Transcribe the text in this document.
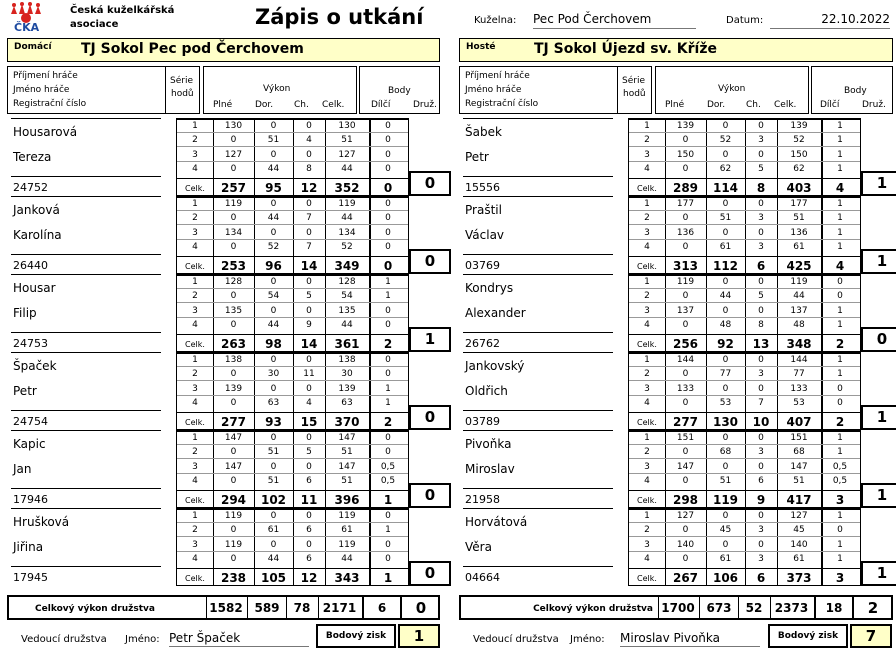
ČKA
Česká kuželkářská
asociace	Zápis o utkání	Kuželna: Pec Pod Čerchovem	Datum:	22.10.2022
Domácí TJ Sokol Pec pod Čerchovem	Hosté	TJ Sokol Újezd sv. Kříže
Příjmení hráče
Jméno hráče
Registrační číslo
Série
hodů	Výkon
Plné	Dor. Ch. Celk.
Body
Dílčí	Druž.
Příjmení hráče
Jméno hráče
Registrační číslo
Série
hodů	Výkon
Plné	Dor. Ch. Celk.
Body
Dílčí	Druž.
Housarová
Tereza
24752
1	130	0	0	130	0
2	0	51	4	51	0
3	127	0	0	127	0
4	0	44	8	44	0
Celk.	257	95	12	352	0	0
Janková
Karolína
26440
1	119	0	0	119	0
2	0	44	7	44	0
3	134	0	0	134	0
4	0	52	7	52	0
Celk.	253	96	14	349	0	0
Housar
Filip
24753
1	128	0	0	128	1
2	0	54	5	54	1
3	135	0	0	135	0
4	0	44	9	44	0
Celk.	263	98	14	361	2	1
Špaček
Petr
24754
1	138	0	0	138	0
2	0	30	11	30	0
3	139	0	0	139	1
4	0	63	4	63	1
Celk.	277	93	15	370	2	0
Kapic
Jan
17946
1	147	0	0	147	0
2	0	51	5	51	0
3	147	0	0	147	0,5
4	0	51	6	51	0,5
Celk.	294	102	11	396	1	0
Hrušková
Jiřina
17945
1	119	0	0	119	0
2	0	61	6	61	1
3	119	0	0	119	0
4	0	44	6	44	0
Celk.	238	105	12	343	1	0
Šabek
Petr
15556
1	139	0	0	139	1
2	0	52	3	52	1
3	150	0	0	150	1
4	0	62	5	62	1
Celk.	289	114	8	403	4	1
Praštil
Václav
03769
1	177	0	0	177	1
2	0	51	3	51	1
3	136	0	0	136	1
4	0	61	3	61	1
Celk.	313	112	6	425	4	1
Kondrys
Alexander
26762
1	119	0	0	119	0
2	0	44	5	44	0
3	137	0	0	137	1
4	0	48	8	48	1
Celk.	256	92	13	348	2	0
Jankovský
Oldřich
03789
1	144	0	0	144	1
2	0	77	3	77	1
3	133	0	0	133	0
4	0	53	7	53	0
Celk.	277	130	10	407	2	1
Pivoňka
Miroslav
21958
1	151	0	0	151	1
2	0	68	3	68	1
3	147	0	0	147	0,5
4	0	51	6	51	0,5
Celk.	298	119	9	417	3	1
Horvátová
Věra
04664
1	127	0	0	127	1
2	0	45	3	45	0
3	140	0	0	140	1
4	0	61	3	61	1
Celk.	267	106	6	373	3	1
Celkový výkon družstva	1582 589	78	2171	6	0	Celkový výkon družstva 1700 673	52	2373	18	2
Vedoucí družstva Jméno: Petr Špaček	Bodový zisk	1	Vedoucí družstva Jméno: Miroslav Pivoňka	Bodový zisk	7
